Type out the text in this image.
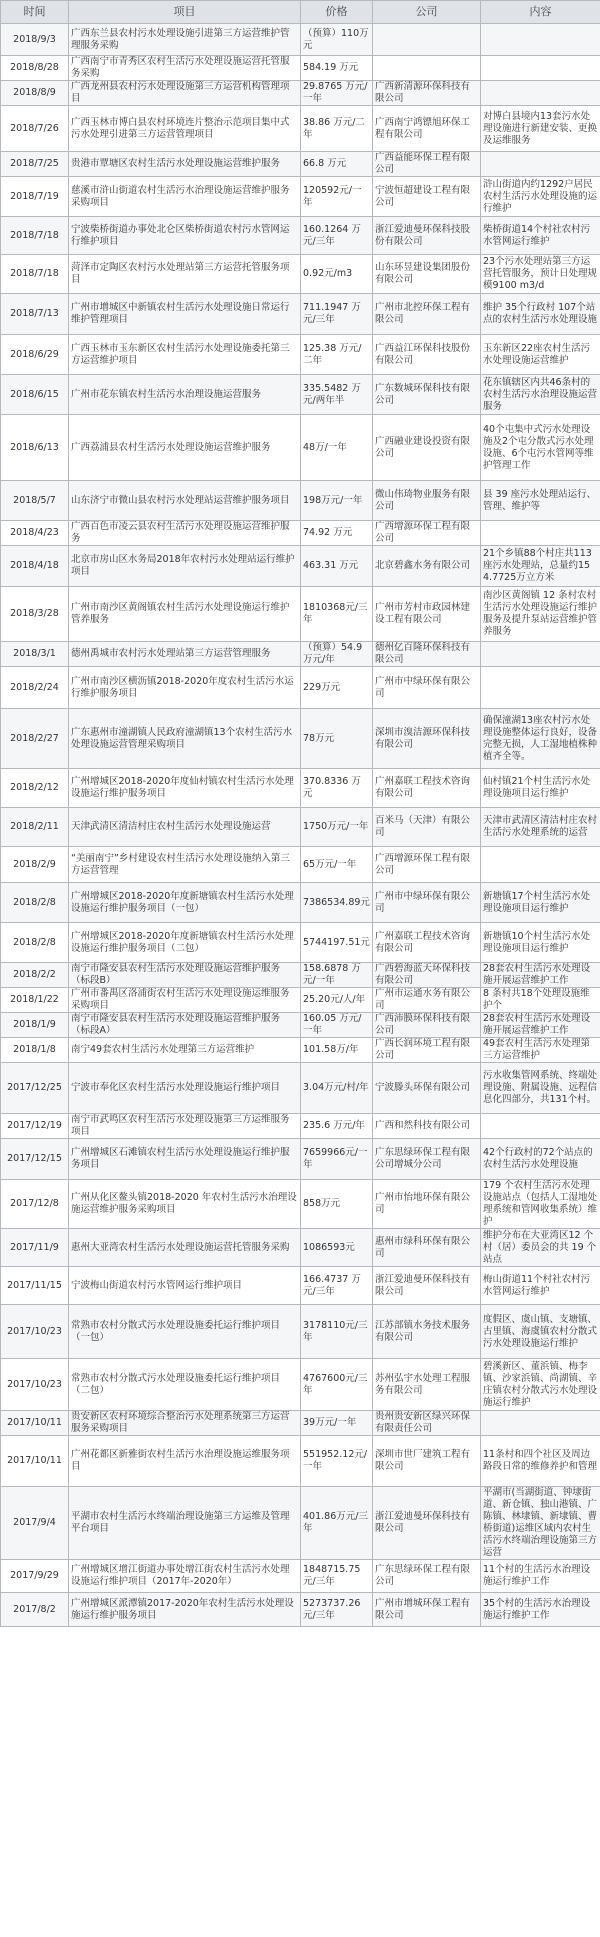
时间	项目	价格	公司	内容
2018/9/3	广西东兰县农村污水处理设施引进第三方运营维护管理服务采购	（预算）110万元		
2018/8/28	广西南宁市青秀区农村生活污水处理设施运营托管服务采购	584.19 万元		
2018/8/9	广西龙州县农村污水处理设施第三方运营机构管理项目	29.8765 万元/一年	广西新清源环保科技有限公司	
2018/7/26	广西玉林市博白县农村环境连片整治示范项目集中式污水处理引进第三方运营管理项目	38.86 万元/二年	广西南宁鸿镖旭环保工程有限公司	对博白县境内13套污水处理设施进行新建安装、更换及运维服务
2018/7/25	贵港市覃塘区农村生活污水处理设施运营维护服务	66.8 万元	广西益能环保工程有限公司	
2018/7/19	慈溪市浒山街道农村生活污水治理设施运营维护服务采购项目	120592元/一年	宁波恒超建设工程有限公司	浒山街道内约1292户居民农村生活污水处理设施的运行维护
2018/7/18	宁波柴桥街道办事处北仑区柴桥街道农村污水管网运行维护项目	160.1264 万元/三年	浙江爱迪曼环保科技股份有限公司	柴桥街道14个村社农村污水管网运行维护
2018/7/18	菏泽市定陶区农村污水处理站第三方运营托管服务项目	0.92元/m3	山东环昱建设集团股份有限公司	23个污水处理站第三方运营托管服务，预计日处理规模9100 m3/d
2018/7/13	广州市增城区中新镇农村生活污水处理设施日常运行维护管理项目	711.1947 万元/三年	广州市北控环保工程有限公司	维护 35个行政村 107个站点的农村生活污水处理设施
2018/6/29	广西玉林市玉东新区农村生活污水处理设施委托第三方运营维护项目	125.38 万元/二年	广西益江环保科技股份有限公司	玉东新区22座农村生活污水处理设施运营维护
2018/6/15	广州市花东镇农村生活污水治理设施运营服务	335.5482 万元/两年半	广东数城环保科技有限公司	花东镇辖区内共46条村的农村生活污水治理设施运营服务
2018/6/13	广西荔浦县农村生活污水处理设施运营维护服务	48万/一年	广西融业建设投资有限公司	40个屯集中式污水处理设施及2个屯分散式污水处理设施、6个屯污水管网等维护管理工作
2018/5/7	山东济宁市微山县农村污水处理站运营维护服务项目	198万元/一年	微山伟琦物业服务有限公司	县 39 座污水处理站运行、管理、维护等
2018/4/23	广西百色市凌云县农村生活污水处理设施运营维护服务	74.92 万元	广西增源环保工程有限公司	
2018/4/18	北京市房山区水务局2018年农村污水处理站运行维护项目	463.31 万元	北京碧鑫水务有限公司	21个乡镇88个村庄共113座污水处理站，总量约154.7725万立方米
2018/3/28	广州市南沙区黄阁镇农村生活污水处理设施运行维护管养服务	1810368元/三年	广州市芳村市政园林建设工程有限公司	南沙区黄阁镇 12 条村农村生活污水处理设施运行维护服务及提升泵站运营维护管养服务
2018/3/1	德州禹城市农村污水处理站第三方运营管理服务	（预算）54.9万元/年	德州亿百隆环保科技有限公司	
2018/2/24	广州市南沙区横沥镇2018-2020年度农村生活污水运行维护服务项目	229万元	广州市中绿环保有限公司	
2018/2/27	广东惠州市潼湖镇人民政府潼湖镇13个农村生活污水处理设施运营管理采购项目	78万元	深圳市溴洁源环保科技有限公司	确保潼湖13座农村污水处理设施整体运行良好，设备完整无损，人工湿地植株种植齐全等。
2018/2/12	广州增城区2018-2020年度仙村镇农村生活污水处理设施运行维护服务项目	370.8336 万元	广州嘉联工程技术咨询有限公司	仙村镇21个村生活污水处理设施项目运行维护
2018/2/11	天津武清区清洁村庄农村生活污水处理设施运营	1750万元/一年	百米马（天津）有限公司	天津市武清区清洁村庄农村生活污水处理系统的运营
2018/2/9	“美丽南宁”乡村建设农村生活污水处理设施纳入第三方运营管理	65万元/一年	广西增源环保工程有限公司	
2018/2/8	广州增城区2018-2020年度新塘镇农村生活污水处理设施运行维护服务项目（一包）	7386534.89元	广州市中绿环保有限公司	新塘镇17个村生活污水处理设施项目运行维护
2018/2/8	广州增城区2018-2020年度新塘镇农村生活污水处理设施运行维护服务项目（二包）	5744197.51元	广州嘉联工程技术咨询有限公司	新塘镇10个村生活污水处理设施项目运行维护
2018/2/2	南宁市隆安县农村生活污水处理设施运营维护服务（标段B）	158.6878 万元/一年	广西碧海蓝天环保科技有限公司	28套农村生活污水处理设施开展运营维护工作
2018/1/22	广州市番禺区洛浦街农村生活污水处理设施运维服务采购项目	25.20元/人/年	广州市运通水务有限公司	8 条村共18个处理设施维护个
2018/1/9	南宁市隆安县农村生活污水处理设施运营维护服务（标段A）	160.05 万元/一年	广西沛膜环保科技有限公司	28套农村生活污水处理设施开展运营维护工作
2018/1/8	南宁49套农村生活污水处理第三方运营维护	101.58万/年	广西长润环境工程有限公司	49套农村生活污水处理第三方运营维护
2017/12/25	宁波市奉化区农村生活污水处理设施运行维护项目	3.04万元/村/年	宁波滕头环保有限公司	污水收集管网系统、终端处理设施、附属设施、远程信息化四部分，共131个村。
2017/12/19	南宁市武鸣区农村生活污水处理设施第三方运维服务项目	235.6 万元/年	广西和然科技有限公司	
2017/12/15	广州增城区石滩镇农村生活污水处理设施运行维护服务项目	7659966元/一年	广东思绿环保工程有限公司增城分公司	42个行政村的72个站点的农村生活污水处理设施
2017/12/8	广州从化区鳌头镇2018-2020 年农村生活污水治理设施运营维护服务采购项目	858万元	广州市怡地环保有限公司	179 个农村生活污水处理设施站点（包括人工湿地处理系统和管网收集系统）维护
2017/11/9	惠州大亚湾农村生活污水处理设施运营托管服务采购	1086593元	惠州市绿科环保有限公司	维护分布在大亚湾区12 个村（居）委员会的共 19 个站点
2017/11/15	宁波梅山街道农村污水管网运行维护项目	166.4737 万元/三年	浙江爱迪曼环保科技有限公司	梅山街道11个村社农村污水管网运行维护
2017/10/23	常熟市农村分散式污水处理设施委托运行维护项目（一包）	3178110元/三年	江苏部镇水务技术服务有限公司	度假区、虞山镇、支塘镇、古里镇、海虞镇农村分散式污水处理设施运行维护
2017/10/23	常熟市农村分散式污水处理设施委托运行维护项目（二包）	4767600元/三年	苏州弘宇水处理工程服务有限公司	碧溪新区、董浜镇、梅李镇、沙家浜镇、尚湖镇、辛庄镇农村分散式污水处理设施运行维护
2017/10/11	贵安新区农村环境综合整治污水处理系统第三方运营服务采购项目	39万元/一年	贵州贵安新区绿兴环保有限责任公司	
2017/10/11	广州花都区新雅街农村生活污水治理设施运维服务项目	551952.12元/一年	深圳市世厂建筑工程有限公司	11条村和四个社区及周边路段日常的维修养护和管理
2017/9/4	平湖市农村生活污水终端治理设施第三方运维及管理平台项目	401.86万元/三年	浙江爱迪曼环保科技有限公司	平湖市(当湖街道、钟埭街道、新仓镇、独山港镇、广陈镇、林埭镇、新埭镇、曹桥街道)运维区域内农村生活污水终端治理设施第三方运营
2017/9/29	广州增城区增江街道办事处增江街农村生活污水处理设施运行维护项目（2017年-2020年）	1848715.75 元/三年	广东思绿环保工程有限公司	11个村的生活污水治理设施运行维护工作
2017/8/2	广州增城区派潭镇2017-2020年农村生活污水处理设施运行维护服务项目	5273737.26 元/三年	广州市增城环保工程有限公司	35个村的生活污水治理设施运行维护工作
